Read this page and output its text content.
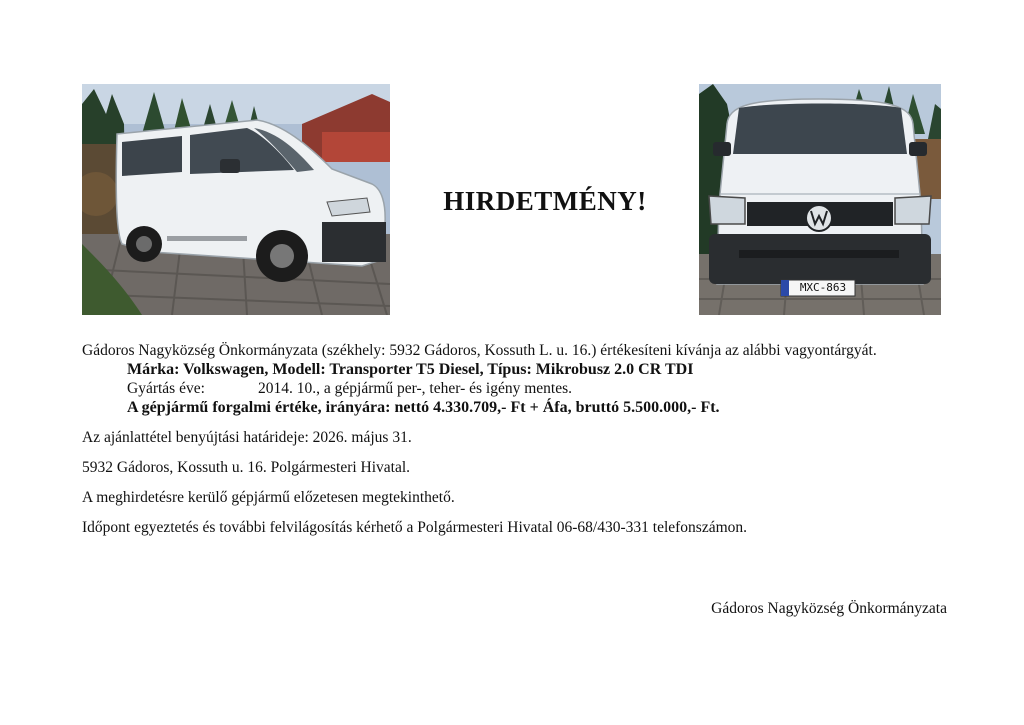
HIRDETMÉNY!
MXC-863

Gádoros Nagyközség Önkormányzata (székhely: 5932 Gádoros, Kossuth L. u. 16.) értékesíteni kívánja az alábbi vagyontárgyát.

Márka: Volkswagen, Modell: Transporter T5 Diesel, Típus: Mikrobusz 2.0 CR TDI

Gyártás éve:	2014. 10., a gépjármű per-, teher- és igény mentes.

A gépjármű forgalmi értéke, irányára: nettó 4.330.709,- Ft + Áfa, bruttó 5.500.000,- Ft.

Az ajánlattétel benyújtási határideje: 2026. május 31.

5932 Gádoros, Kossuth u. 16. Polgármesteri Hivatal.

A meghirdetésre kerülő gépjármű előzetesen megtekinthető.

Időpont egyeztetés és további felvilágosítás kérhető a Polgármesteri Hivatal 06-68/430-331 telefonszámon.

Gádoros Nagyközség Önkormányzata
